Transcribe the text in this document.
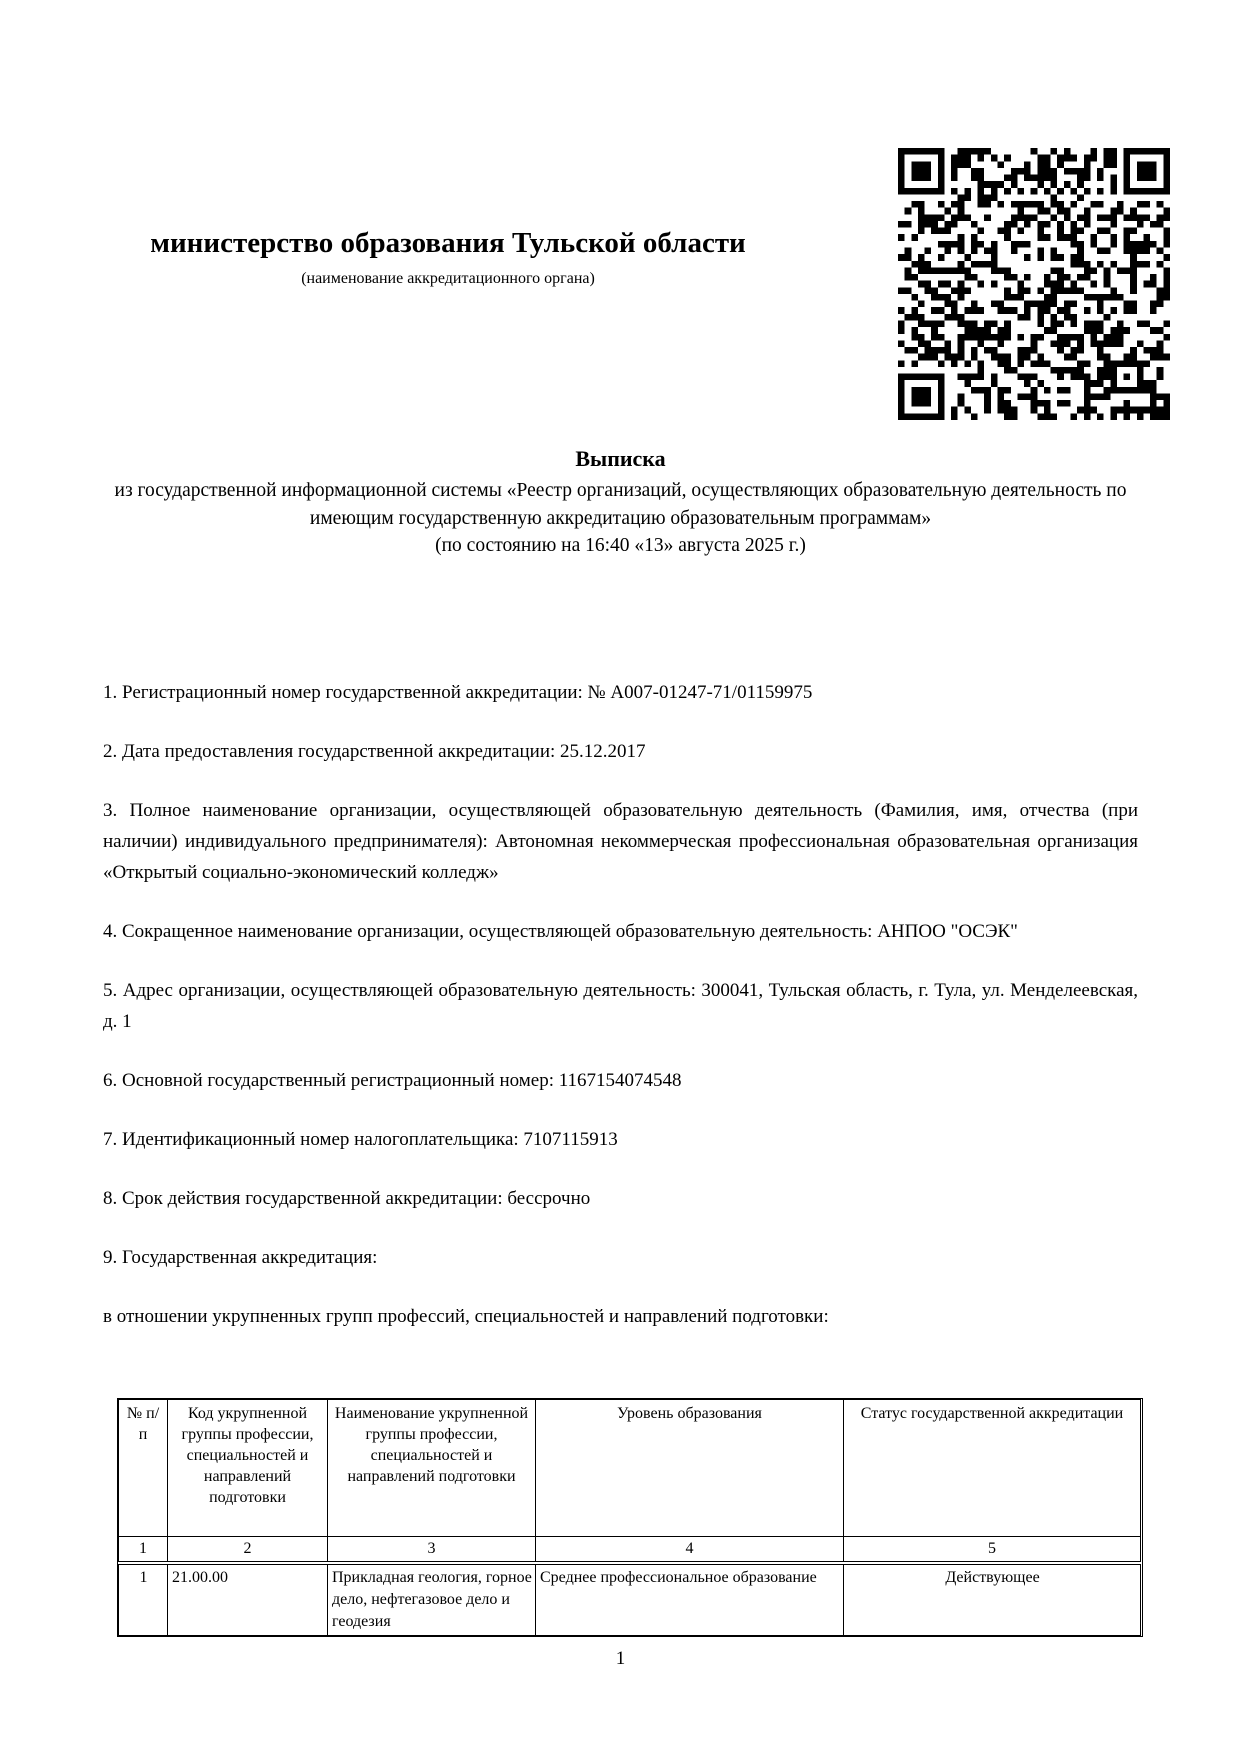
министерство образования Тульской области
(наименование аккредитационного органа)
Выписка
из государственной информационной системы «Реестр организаций, осуществляющих образовательную деятельность по имеющим государственную аккредитацию образовательным программам»
(по состоянию на 16:40 «13» августа 2025 г.)

1. Регистрационный номер государственной аккредитации: № А007-01247-71/01159975

2. Дата предоставления государственной аккредитации: 25.12.2017

3. Полное наименование организации, осуществляющей образовательную деятельность (Фамилия, имя, отчества (при наличии) индивидуального предпринимателя): Автономная некоммерческая профессиональная образовательная организация «Открытый социально-экономический колледж»

4. Сокращенное наименование организации, осуществляющей образовательную деятельность: АНПОО "ОСЭК"

5. Адрес организации, осуществляющей образовательную деятельность: 300041, Тульская область, г. Тула, ул. Менделеевская, д. 1

6. Основной государственный регистрационный номер: 1167154074548

7. Идентификационный номер налогоплательщика: 7107115913

8. Срок действия государственной аккредитации: бессрочно

9. Государственная аккредитация:

в отношении укрупненных групп профессий, специальностей и направлений подготовки:

№ п/п	Код укрупненной группы профессии, специальностей и направлений подготовки	Наименование укрупненной группы профессии, специальностей и направлений подготовки	Уровень образования	Статус государственной аккредитации
1	2	3	4	5
1	21.00.00	Прикладная геология, горное дело, нефтегазовое дело и геодезия	Среднее профессиональное образование	Действующее
1
